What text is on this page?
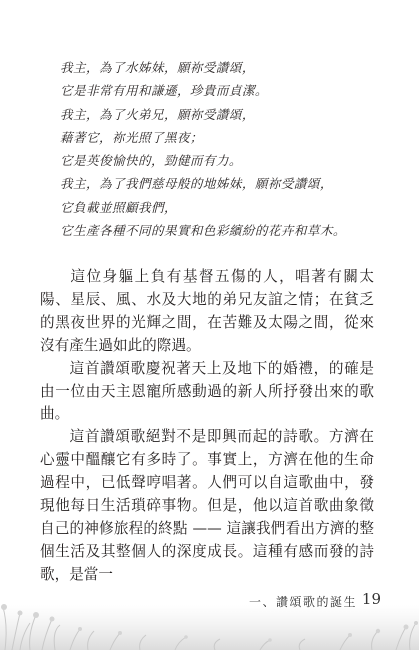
我主，為了水姊妹，願祢受讚頌，
它是非常有用和謙遜，珍貴而貞潔。
我主，為了火弟兄，願祢受讚頌，
藉著它，祢光照了黑夜；
它是英俊愉快的，勁健而有力。
我主，為了我們慈母般的地姊妹，願祢受讚頌，
它負載並照顧我們，
它生產各種不同的果實和色彩繽紛的花卉和草木。

這位身軀上負有基督五傷的人，唱著有關太陽、星辰、風、水及大地的弟兄友誼之情；在貧乏的黑夜世界的光輝之間，在苦難及太陽之間，從來沒有產生過如此的際遇。

這首讚頌歌慶祝著天上及地下的婚禮，的確是由一位由天主恩寵所感動過的新人所抒發出來的歌曲。

這首讚頌歌絕對不是即興而起的詩歌。方濟在心靈中醞釀它有多時了。事實上，方濟在他的生命過程中，已低聲哼唱著。人們可以自這歌曲中，發現他每日生活瑣碎事物。但是，他以這首歌曲象徵自己的神修旅程的終點 —— 這讓我們看出方濟的整個生活及其整個人的深度成長。這種有感而發的詩歌，是當一

一、讚頌歌的誕生 19
